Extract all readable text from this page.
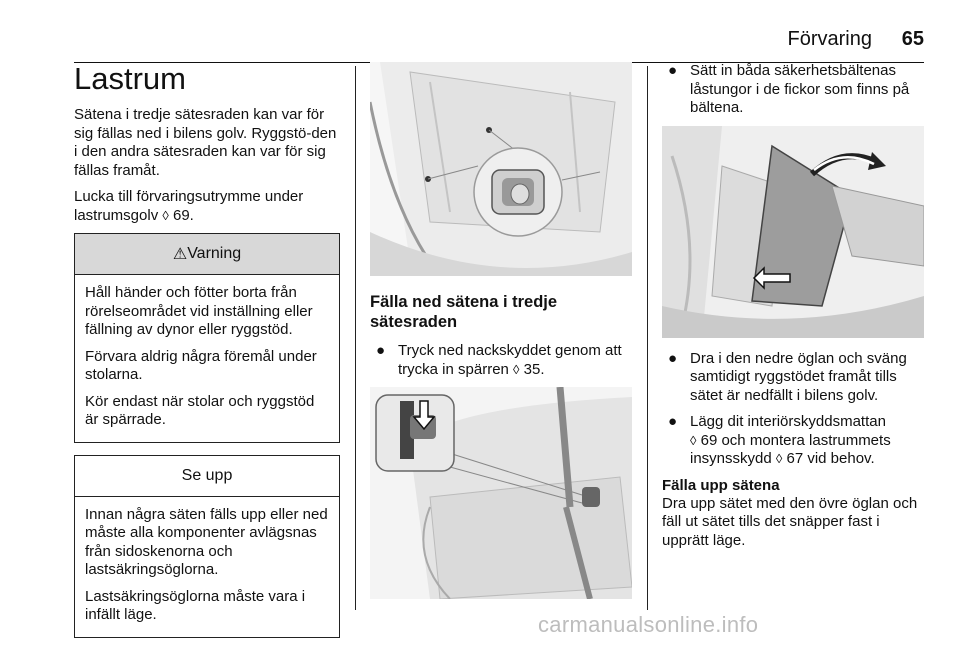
Förvaring 65
Lastrum

Sätena i tredje sätesraden kan var för sig fällas ned i bilens golv. Ryggstö-den i den andra sätesraden kan var för sig fällas framåt.

Lucka till förvaringsutrymme under lastrumsgolv ◊ 69.

⚠ Varning

Håll händer och fötter borta från rörelseområdet vid inställning eller fällning av dynor eller ryggstöd.

Förvara aldrig några föremål under stolarna.

Kör endast när stolar och ryggstöd är spärrade.

Se upp

Innan några säten fälls upp eller ned måste alla komponenter avlägsnas från sidoskenorna och lastsäkringsöglorna.

Lastsäkringsöglorna måste vara i infällt läge.

Fälla ned sätena i tredje sätesraden
● Tryck ned nackskyddet genom att trycka in spärren ◊ 35.
● Sätt in båda säkerhetsbältenas låstungor i de fickor som finns på bältena.
● Dra i den nedre öglan och sväng samtidigt ryggstödet framåt tills sätet är nedfällt i bilens golv.
● Lägg dit interiörskyddsmattan
◊ 69 och montera lastrummets insynsskydd ◊ 67 vid behov.
Fälla upp sätena

Dra upp sätet med den övre öglan och fäll ut sätet tills det snäpper fast i upprätt läge.

carmanualsonline.info
